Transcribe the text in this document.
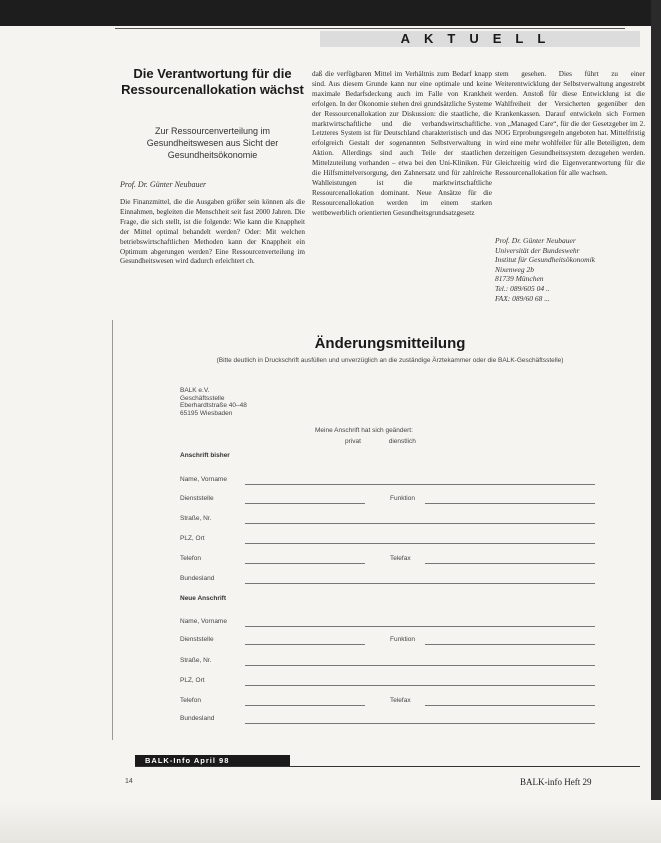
AKTUELL
Die Verantwortung für die Ressourcenallokation wächst
Zur Ressourcenverteilung im Gesundheitswesen aus Sicht der Gesundheitsökonomie
Prof. Dr. Günter Neubauer
Die Finanzmittel, die die Ausgaben größer sein können als die Einnahmen, begleiten die Menschheit seit fast 2000 Jahren. Die Frage, die sich stellt, ist die folgende: Wie kann die Knappheit der Mittel optimal behandelt werden? Oder: Mit welchen betriebswirtschaftlichen Methoden kann der Knappheit ein Optimum abgerungen werden? Eine Ressourcenverteilung im Gesundheitswesen wird dadurch erleichtert ch.
daß die verfügbaren Mittel im Verhältnis zum Bedarf knapp sind. Aus diesem Grunde kann nur eine optimale und keine maximale Bedarfsdeckung auch im Falle von Krankheit erfolgen. In der Ökonomie stehen drei grundsätzliche Systeme der Ressourcenallokation zur Diskussion: die staatliche, die marktwirtschaftliche und die verbandswirtschaftliche. Letzteres System ist für Deutschland charakteristisch und das erfolgreich Gestalt der sogenannten Selbstverwaltung in Aktion. Allerdings sind auch Teile der staatlichen Mittelzuteilung vorhanden – etwa bei den Uni-Kliniken. Für die Hilfsmittelversorgung, den Zahnersatz und für zahlreiche Wahlleistungen ist die marktwirtschaftliche Ressourcenallokation dominant. Neue Ansätze für die Ressourcenallokation werden im einem starken wettbewerblich orientierten Gesundheitsgrundsatzgesetz
stem gesehen. Dies führt zu einer Weiterentwicklung der Selbstverwaltung angestrebt werden. Anstoß für diese Entwicklung ist die Wahlfreiheit der Versicherten gegenüber den Krankenkassen. Darauf entwickeln sich Formen von „Managed Care“, für die der Gesetzgeber im 2. NOG Erprobungsregeln angeboten hat. Mittelfristig wird eine mehr wohlfeiler für alle Beteiligten, dem derzeitigen Gesundheitssystem dezugehen werden. Gleichzeitig wird die Eigenverantwortung für die Ressourcenallokation für alle wachsen.
Prof. Dr. Günter Neubauer
Universität der Bundeswehr
Institut für Gesundheitsökonomik
Nixenweg 2b
81739 München
Tel.: 089/605 04 ..
FAX: 089/60 68 ...
Änderungsmitteilung
(Bitte deutlich in Druckschrift ausfüllen und unverzüglich an die zuständige Ärztekammer oder die BALK-Geschäftsstelle)
BALK e.V.
Geschäftsstelle
Eberhardtstraße 40–48
65195 Wiesbaden
Meine Anschrift hat sich geändert:
privat	dienstlich
Anschrift bisher
Name, Vorname
Dienststelle	Funktion
Straße, Nr.
PLZ, Ort
Telefon	Telefax
Bundesland
Neue Anschrift
Name, Vorname
Dienststelle	Funktion
Straße, Nr.
PLZ, Ort
Telefon	Telefax
Bundesland
BALK-Info April 98
14	BALK-info Heft 29
